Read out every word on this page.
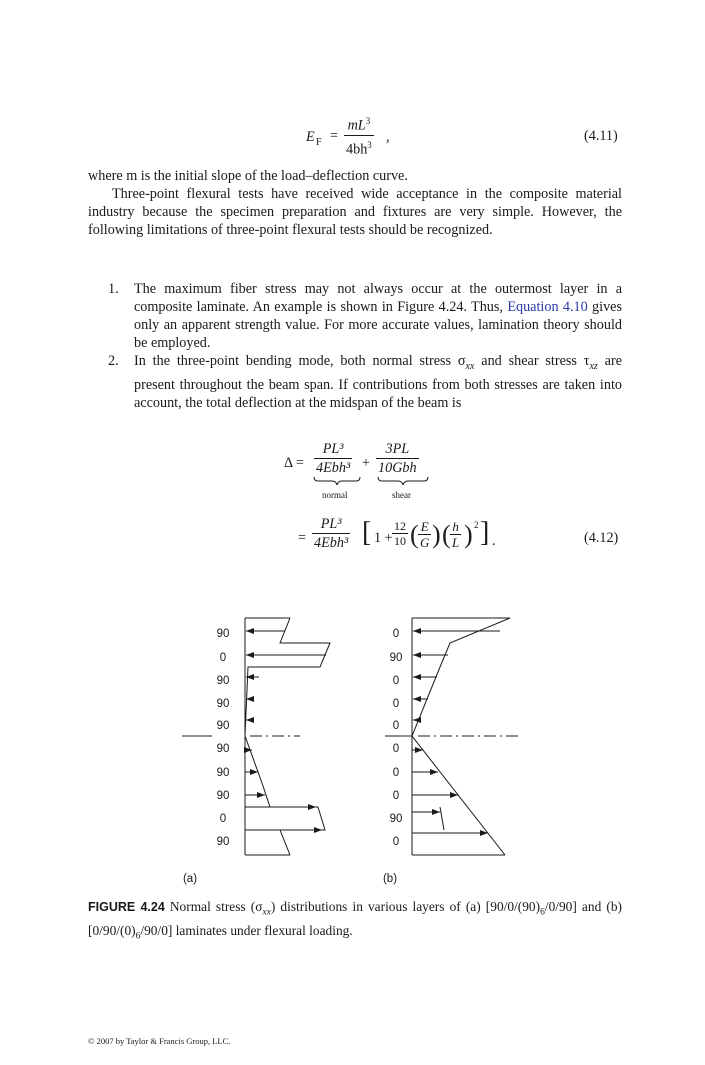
E $F = \frac{mL^3}{4bh^3}$ ,	(4.11)
where m is the initial slope of the load–deflection curve.
Three-point flexural tests have received wide acceptance in the composite material industry because the specimen preparation and fixtures are very simple. However, the following limitations of three-point flexural tests should be recognized.
1. The maximum fiber stress may not always occur at the outermost layer in a composite laminate. An example is shown in Figure 4.24. Thus, Equation 4.10 gives only an apparent strength value. For more accurate values, lamination theory should be employed.
2. In the three-point bending mode, both normal stress $\sigma_{xx}$ and shear stress $\tau_{xz}$ are present throughout the beam span. If contributions from both stresses are taken into account, the total deflection at the midspan of the beam is
Δ =
PL³
4Ebh³ +
3PL
10Gbh
normal	shear
=
PL³
4Ebh³ [ $1 + \frac{12}{10}$ ( $\frac{E}{G}$ ) ( $\frac{h}{L}$ ) 2 ] .	(4.12)
90
0
90
90
90
90
90
90
0
90
0
90
0
0
0
0
0
0
90
0
(a)	(b)
FIGURE 4.24 Normal stress $(\sigma_{xx})$ distributions in various layers of (a) $[90/0/(90)_6/0/90]$ and (b) $[0/90/(0)_6/90/0]$ laminates under flexural loading.
© 2007 by Taylor & Francis Group, LLC.
